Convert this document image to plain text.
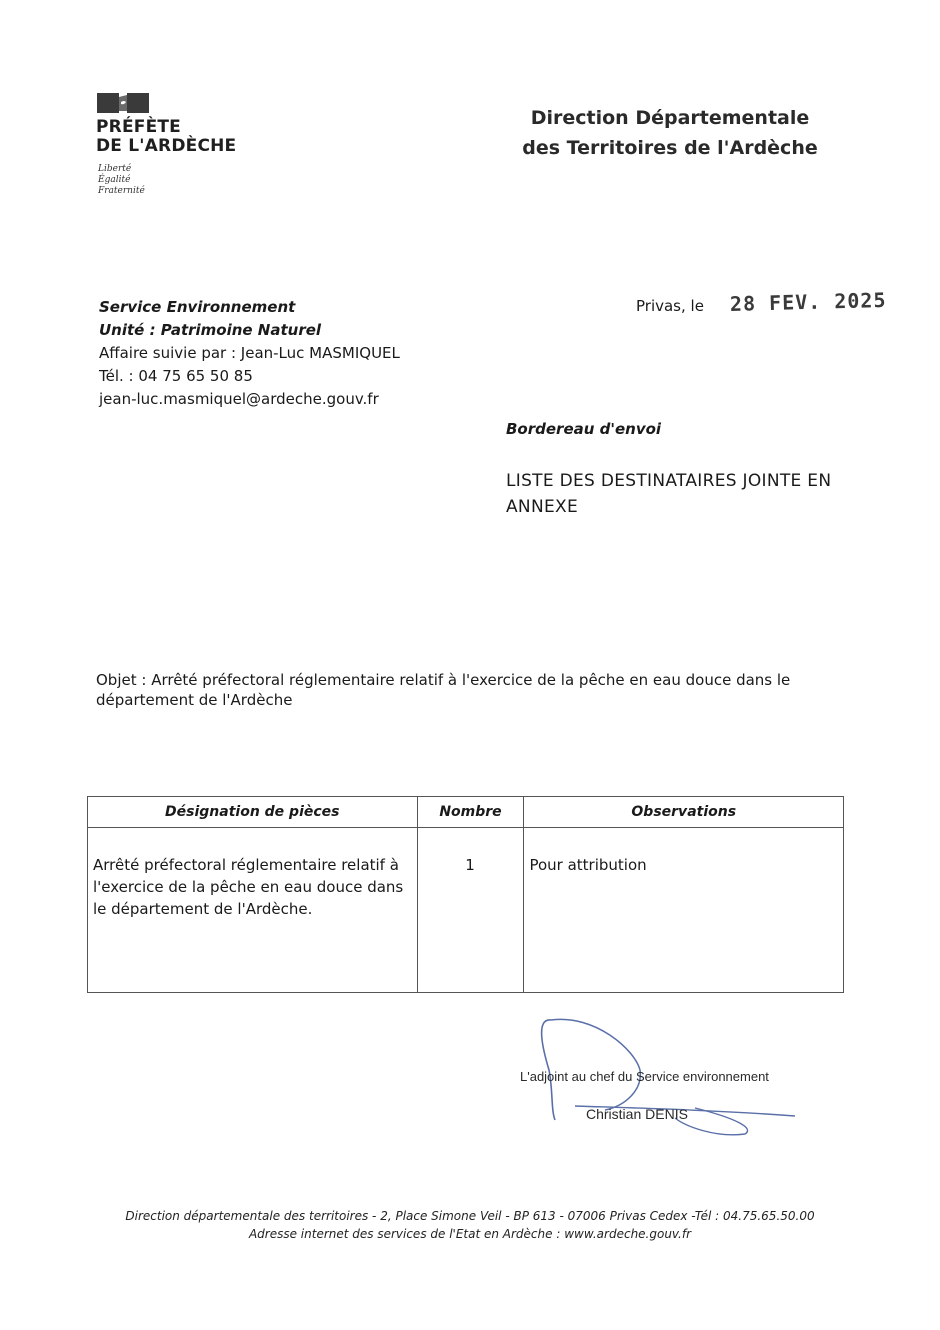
PRÉFÈTE
DE L'ARDÈCHE
Liberté
Égalité
Fraternité
Direction Départementale
des Territoires de l'Ardèche
Service Environnement
Unité : Patrimoine Naturel
Affaire suivie par : Jean-Luc MASMIQUEL
Tél. : 04 75 65 50 85
jean-luc.masmiquel@ardeche.gouv.fr
Privas, le 28 FEV. 2025
Bordereau d'envoi
LISTE DES DESTINATAIRES JOINTE EN ANNEXE
Objet : Arrêté préfectoral réglementaire relatif à l'exercice de la pêche en eau douce dans le département de l'Ardèche
Désignation de pièces	Nombre	Observations
Arrêté préfectoral réglementaire relatif à l'exercice de la pêche en eau douce dans le département de l'Ardèche.	1	Pour attribution
L'adjoint au chef du Service environnement
Christian DENIS
Direction départementale des territoires - 2, Place Simone Veil - BP 613 - 07006 Privas Cedex -Tél : 04.75.65.50.00
Adresse internet des services de l'Etat en Ardèche : www.ardeche.gouv.fr
